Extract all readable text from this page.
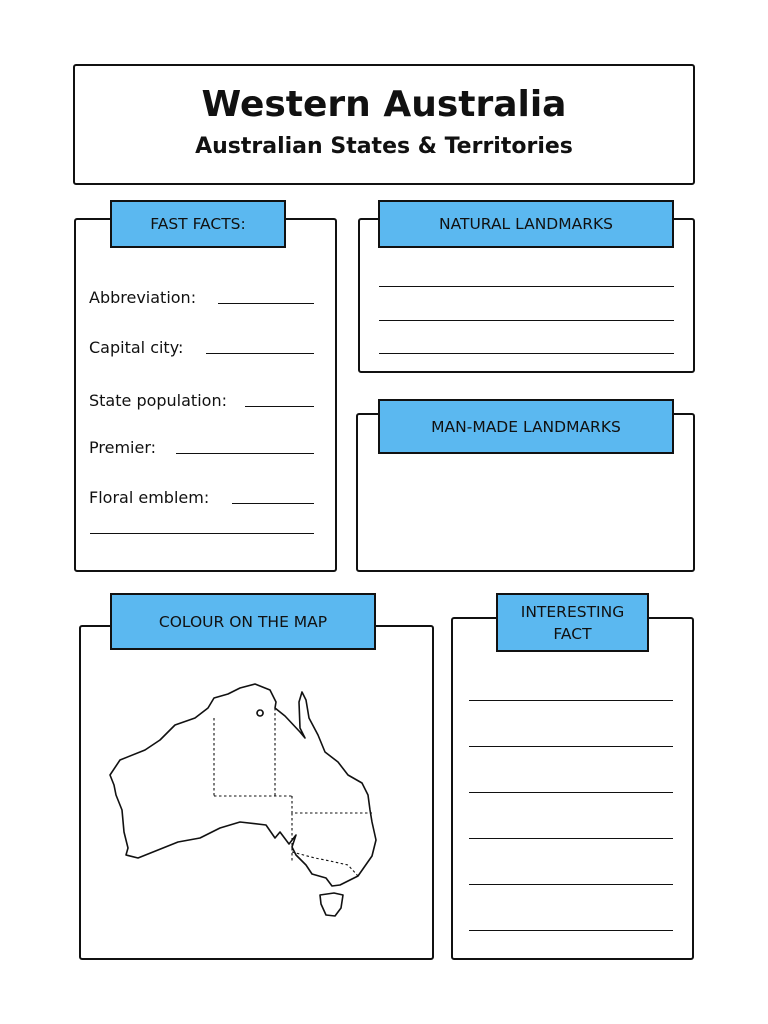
Western Australia
Australian States & Territories
FAST FACTS:
Abbreviation:
Capital city:
State population:
Premier:
Floral emblem:
NATURAL LANDMARKS
MAN-MADE LANDMARKS
COLOUR ON THE MAP
INTERESTING
FACT
